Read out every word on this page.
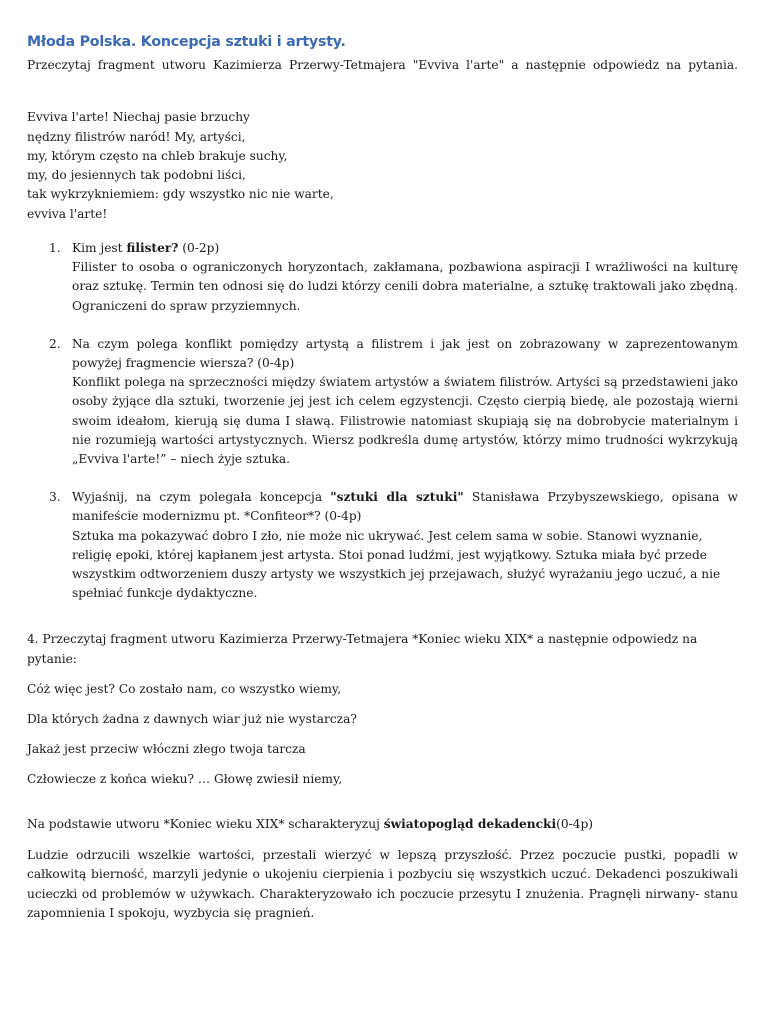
Młoda Polska. Koncepcja sztuki i artysty.

Przeczytaj fragment utworu Kazimierza Przerwy-Tetmajera "Evviva l'arte" a następnie odpowiedz na pytania.

Evviva l'arte! Niechaj pasie brzuchy
nędzny filistrów naród! My, artyści,
my, którym często na chleb brakuje suchy,
my, do jesiennych tak podobni liści,
tak wykrzykniemiem: gdy wszystko nic nie warte,
evviva l'arte!
1. Kim jest filister? (0-2p)
Filister to osoba o ograniczonych horyzontach, zakłamana, pozbawiona aspiracji I wrażliwości na kulturę oraz sztukę. Termin ten odnosi się do ludzi którzy cenili dobra materialne, a sztukę traktowali jako zbędną. Ograniczeni do spraw przyziemnych.
2. Na czym polega konflikt pomiędzy artystą a filistrem i jak jest on zobrazowany w zaprezentowanym powyżej fragmencie wiersza? (0-4p)
Konflikt polega na sprzeczności między światem artystów a światem filistrów. Artyści są przedstawieni jako osoby żyjące dla sztuki, tworzenie jej jest ich celem egzystencji. Często cierpią biedę, ale pozostają wierni swoim ideałom, kierują się duma I sławą. Filistrowie natomiast skupiają się na dobrobycie materialnym i nie rozumieją wartości artystycznych. Wiersz podkreśla dumę artystów, którzy mimo trudności wykrzykują „Evviva l'arte!” – niech żyje sztuka.
3. Wyjaśnij, na czym polegała koncepcja "sztuki dla sztuki" Stanisława Przybyszewskiego, opisana w manifeście modernizmu pt. *Confiteor*? (0-4p)
Sztuka ma pokazywać dobro I zło, nie może nic ukrywać. Jest celem sama w sobie. Stanowi wyznanie, religię epoki, której kapłanem jest artysta. Stoi ponad ludźmi, jest wyjątkowy. Sztuka miała być przede wszystkim odtworzeniem duszy artysty we wszystkich jej przejawach, służyć wyrażaniu jego uczuć, a nie spełniać funkcje dydaktyczne.

4. Przeczytaj fragment utworu Kazimierza Przerwy-Tetmajera *Koniec wieku XIX* a następnie odpowiedz na pytanie:

Cóż więc jest? Co zostało nam, co wszystko wiemy,

Dla których żadna z dawnych wiar już nie wystarcza?

Jakaż jest przeciw włóczni złego twoja tarcza

Człowiecze z końca wieku? … Głowę zwiesił niemy,

Na podstawie utworu *Koniec wieku XIX* scharakteryzuj światopogląd dekadencki(0-4p)

Ludzie odrzucili wszelkie wartości, przestali wierzyć w lepszą przyszłość. Przez poczucie pustki, popadli w całkowitą bierność, marzyli jedynie o ukojeniu cierpienia i pozbyciu się wszystkich uczuć. Dekadenci poszukiwali ucieczki od problemów w używkach. Charakteryzowało ich poczucie przesytu I znużenia. Pragnęli nirwany- stanu zapomnienia I spokoju, wyzbycia się pragnień.
